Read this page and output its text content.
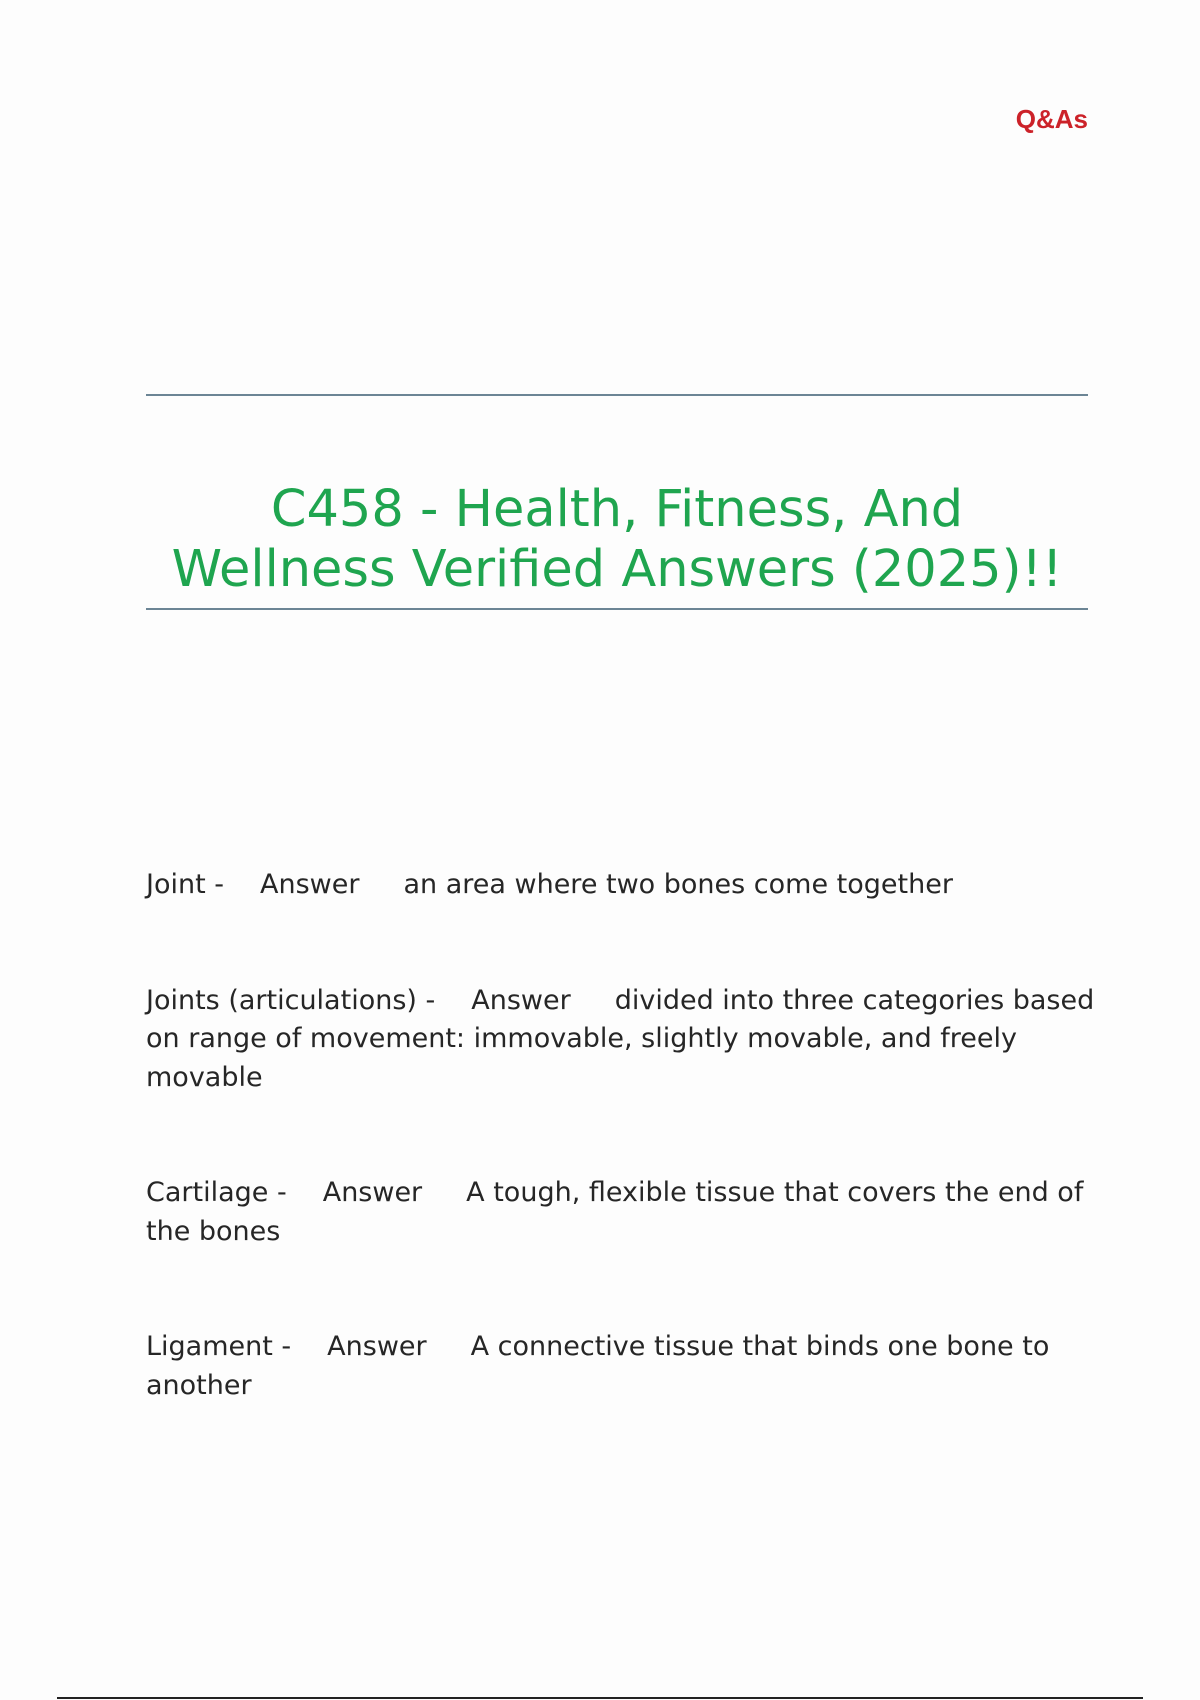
Q&As
C458 - Health, Fitness, And
Wellness Verified Answers (2025)!!

Joint - Answer an area where two bones come together

Joints (articulations) - Answer divided into three categories based on range of movement: immovable, slightly movable, and freely movable

Cartilage - Answer A tough, flexible tissue that covers the end of the bones

Ligament - Answer A connective tissue that binds one bone to another
